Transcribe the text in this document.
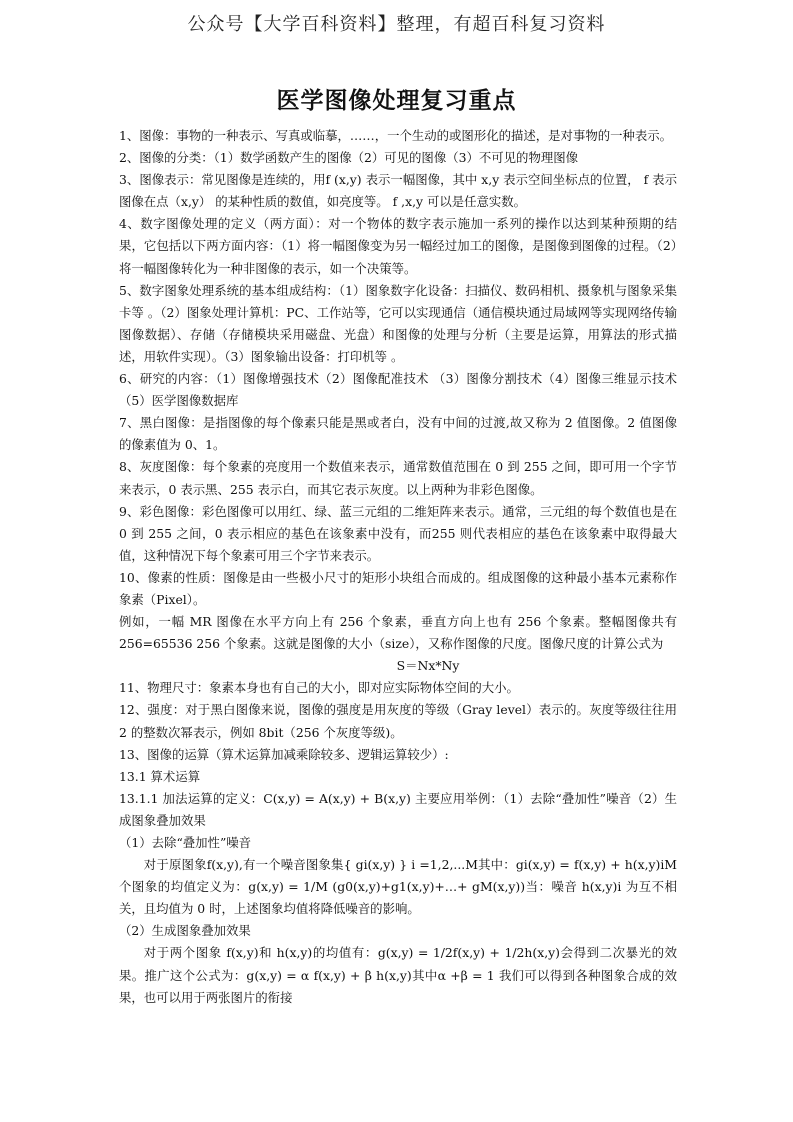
公众号【大学百科资料】整理，有超百科复习资料
医学图像处理复习重点

1、图像：事物的一种表示、写真或临摹，……，一个生动的或图形化的描述，是对事物的一种表示。

2、图像的分类：（1）数学函数产生的图像（2）可见的图像（3）不可见的物理图像

3、图像表示：常见图像是连续的，用f (x,y) 表示一幅图像，其中 x,y 表示空间坐标点的位置， f 表示图像在点（x,y） 的某种性质的数值，如亮度等。 f ,x,y 可以是任意实数。

4、数字图像处理的定义（两方面）：对一个物体的数字表示施加一系列的操作以达到某种预期的结果，它包括以下两方面内容：（1）将一幅图像变为另一幅经过加工的图像，是图像到图像的过程。（2）将一幅图像转化为一种非图像的表示，如一个决策等。

5、数字图象处理系统的基本组成结构：（1）图象数字化设备：扫描仪、数码相机、摄象机与图象采集卡等 。（2）图象处理计算机：PC、工作站等，它可以实现通信（通信模块通过局域网等实现网络传输图像数据）、存储（存储模块采用磁盘、光盘）和图像的处理与分析（主要是运算，用算法的形式描述，用软件实现）。（3）图象输出设备：打印机等 。

6、研究的内容：（1）图像增强技术（2）图像配准技术 （3）图像分割技术（4）图像三维显示技术（5）医学图像数据库

7、黑白图像：是指图像的每个像素只能是黑或者白，没有中间的过渡,故又称为 2 值图像。2 值图像的像素值为 0、1。

8、灰度图像：每个象素的亮度用一个数值来表示，通常数值范围在 0 到 255 之间，即可用一个字节来表示，0 表示黑、255 表示白，而其它表示灰度。以上两种为非彩色图像。

9、彩色图像：彩色图像可以用红、绿、蓝三元组的二维矩阵来表示。通常，三元组的每个数值也是在 0 到 255 之间，0 表示相应的基色在该象素中没有，而255 则代表相应的基色在该象素中取得最大值，这种情况下每个象素可用三个字节来表示。

10、像素的性质：图像是由一些极小尺寸的矩形小块组合而成的。组成图像的这种最小基本元素称作象素（Pixel）。

例如，一幅 MR 图像在水平方向上有 256 个象素，垂直方向上也有 256 个象素。整幅图像共有 256=65536 256 个象素。这就是图像的大小（size），又称作图像的尺度。图像尺度的计算公式为

S＝Nx*Ny

11、物理尺寸：象素本身也有自己的大小，即对应实际物体空间的大小。

12、强度：对于黑白图像来说，图像的强度是用灰度的等级（Gray level）表示的。灰度等级往往用 2 的整数次幂表示，例如 8bit（256 个灰度等级)。

13、图像的运算（算术运算加减乘除较多、逻辑运算较少）:

13.1 算术运算

13.1.1 加法运算的定义：C(x,y) = A(x,y) + B(x,y) 主要应用举例：（1）去除“叠加性”噪音（2）生成图象叠加效果

（1）去除“叠加性”噪音

对于原图象f(x,y),有一个噪音图象集{ gi(x,y) } i =1,2,...M其中：gi(x,y) = f(x,y) + h(x,y)iM 个图象的均值定义为：g(x,y) = 1/M (g0(x,y)+g1(x,y)+…+ gM(x,y))当：噪音 h(x,y)i 为互不相关，且均值为 0 时，上述图象均值将降低噪音的影响。

（2）生成图象叠加效果

对于两个图象 f(x,y)和 h(x,y)的均值有：g(x,y) = 1/2f(x,y) + 1/2h(x,y)会得到二次暴光的效果。推广这个公式为：g(x,y) = α f(x,y) + β h(x,y)其中α +β = 1 我们可以得到各种图象合成的效果，也可以用于两张图片的衔接
